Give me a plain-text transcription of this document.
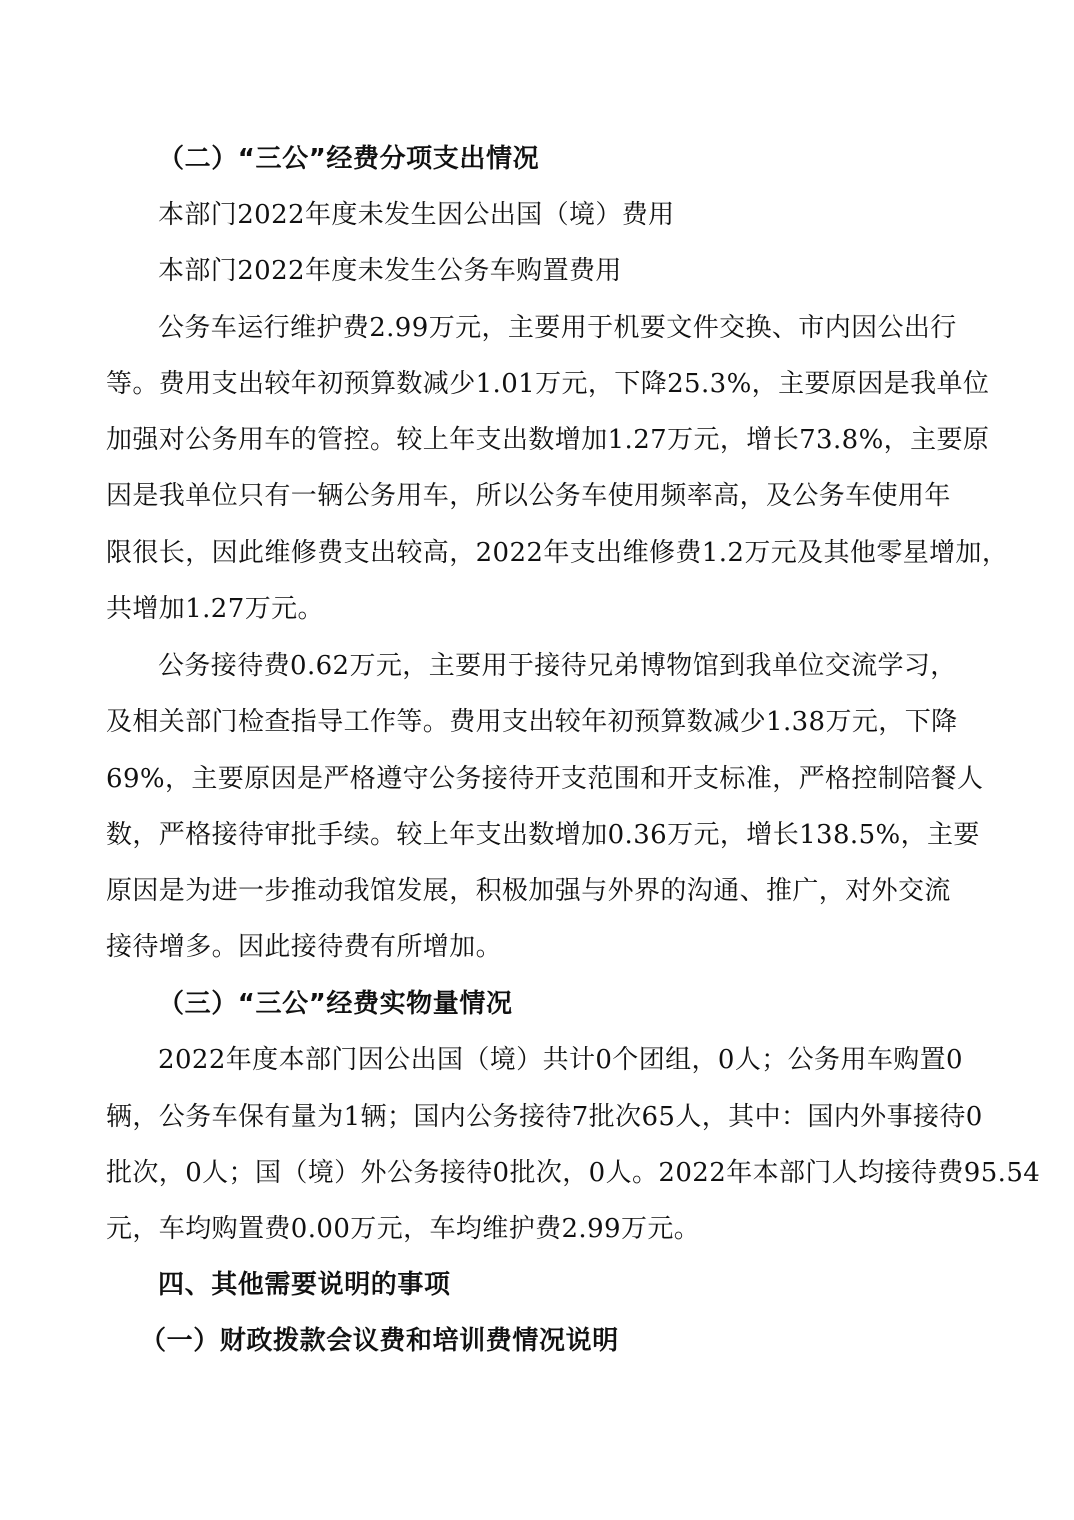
（二）“三公”经费分项支出情况
本部门2022年度未发生因公出国（境）费用
本部门2022年度未发生公务车购置费用
公务车运行维护费2.99万元，主要用于机要文件交换、市内因公出行
等。费用支出较年初预算数减少1.01万元，下降25.3%，主要原因是我单位
加强对公务用车的管控。较上年支出数增加1.27万元，增长73.8%，主要原
因是我单位只有一辆公务用车，所以公务车使用频率高，及公务车使用年
限很长，因此维修费支出较高，2022年支出维修费1.2万元及其他零星增加，
共增加1.27万元。
公务接待费0.62万元，主要用于接待兄弟博物馆到我单位交流学习，
及相关部门检查指导工作等。费用支出较年初预算数减少1.38万元，下降
69%，主要原因是严格遵守公务接待开支范围和开支标准，严格控制陪餐人
数，严格接待审批手续。较上年支出数增加0.36万元，增长138.5%，主要
原因是为进一步推动我馆发展，积极加强与外界的沟通、推广，对外交流
接待增多。因此接待费有所增加。
（三）“三公”经费实物量情况
2022年度本部门因公出国（境）共计0个团组，0人；公务用车购置0
辆，公务车保有量为1辆；国内公务接待7批次65人，其中：国内外事接待0
批次，0人；国（境）外公务接待0批次，0人。2022年本部门人均接待费95.54
元，车均购置费0.00万元，车均维护费2.99万元。
四、其他需要说明的事项
（一）财政拨款会议费和培训费情况说明
